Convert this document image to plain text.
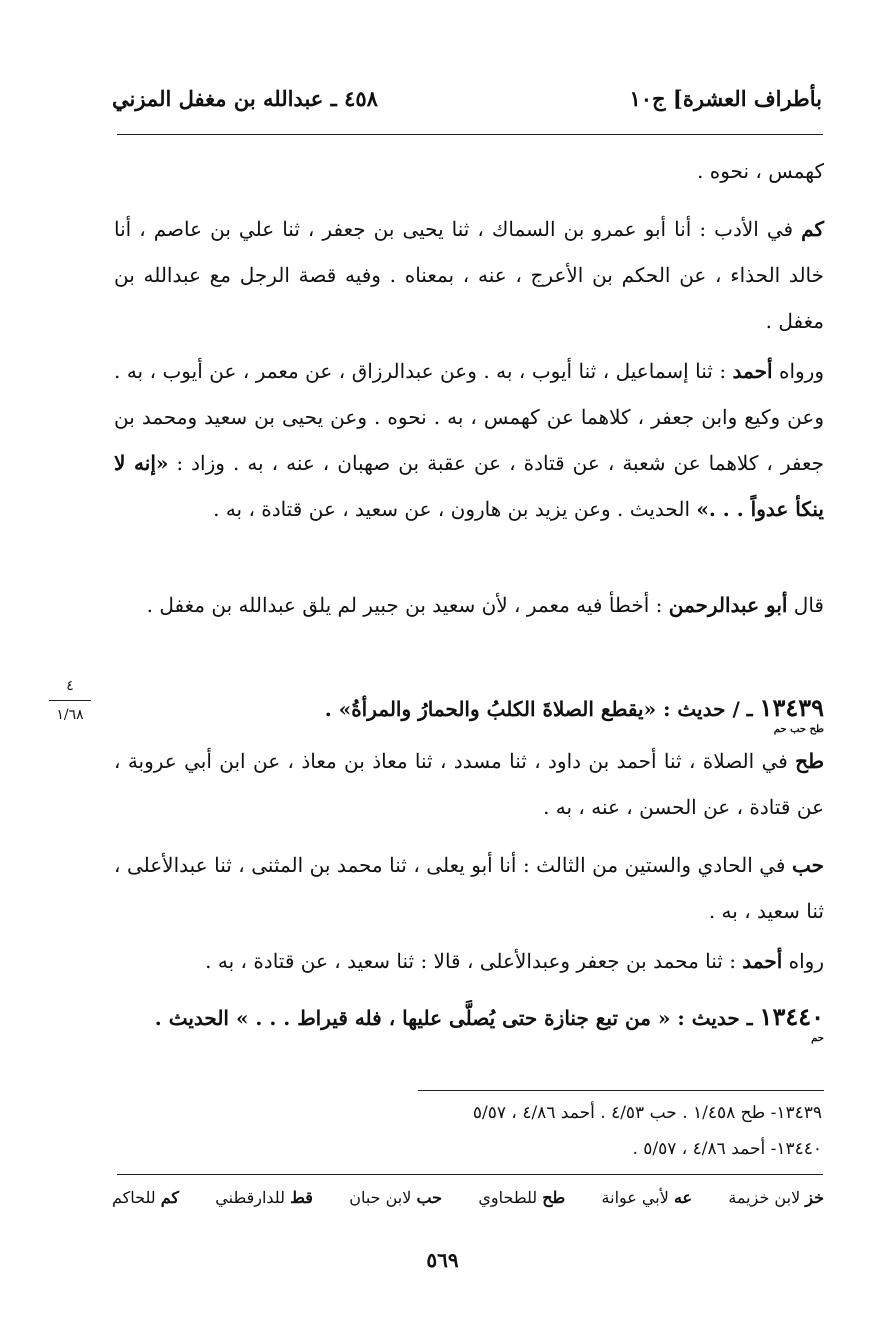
بأطراف العشرة] ج١٠
٤٥٨ ـ عبدالله بن مغفل المزني
كهمس ، نحوه .
كم في الأدب : أنا أبو عمرو بن السماك ، ثنا يحيى بن جعفر ، ثنا علي بن عاصم ، أنا خالد الحذاء ، عن الحكم بن الأعرج ، عنه ، بمعناه . وفيه قصة الرجل مع عبدالله بن مغفل .
ورواه أحمد : ثنا إسماعيل ، ثنا أيوب ، به . وعن عبدالرزاق ، عن معمر ، عن أيوب ، به . وعن وكيع وابن جعفر ، كلاهما عن كهمس ، به . نحوه . وعن يحيى بن سعيد ومحمد بن جعفر ، كلاهما عن شعبة ، عن قتادة ، عن عقبة بن صهبان ، عنه ، به . وزاد : «إنه لا ينكأ عدواً . . .» الحديث . وعن يزيد بن هارون ، عن سعيد ، عن قتادة ، به .
قال أبو عبدالرحمن : أخطأ فيه معمر ، لأن سعيد بن جبير لم يلق عبدالله بن مغفل .
١٣٤٣٩ ـ / حديث : «يقطع الصلاةَ الكلبُ والحمارُ والمرأةُ» .
طح حب حم
٤
١/٦٨
طح في الصلاة ، ثنا أحمد بن داود ، ثنا مسدد ، ثنا معاذ بن معاذ ، عن ابن أبي عروبة ، عن قتادة ، عن الحسن ، عنه ، به .
حب في الحادي والستين من الثالث : أنا أبو يعلى ، ثنا محمد بن المثنى ، ثنا عبدالأعلى ، ثنا سعيد ، به .
رواه أحمد : ثنا محمد بن جعفر وعبدالأعلى ، قالا : ثنا سعيد ، عن قتادة ، به .
١٣٤٤٠ ـ حديث : « من تبع جنازة حتى يُصلَّى عليها ، فله قيراط . . . » الحديث .
حم
١٣٤٣٩- طح ١/٤٥٨ . حب ٤/٥٣ . أحمد ٤/٨٦ ، ٥/٥٧
١٣٤٤٠- أحمد ٤/٨٦ ، ٥/٥٧ .
خز لابن خزيمة
عه لأبي عوانة
طح للطحاوي
حب لابن حبان
قط للدارقطني
كم للحاكم
٥٦٩
